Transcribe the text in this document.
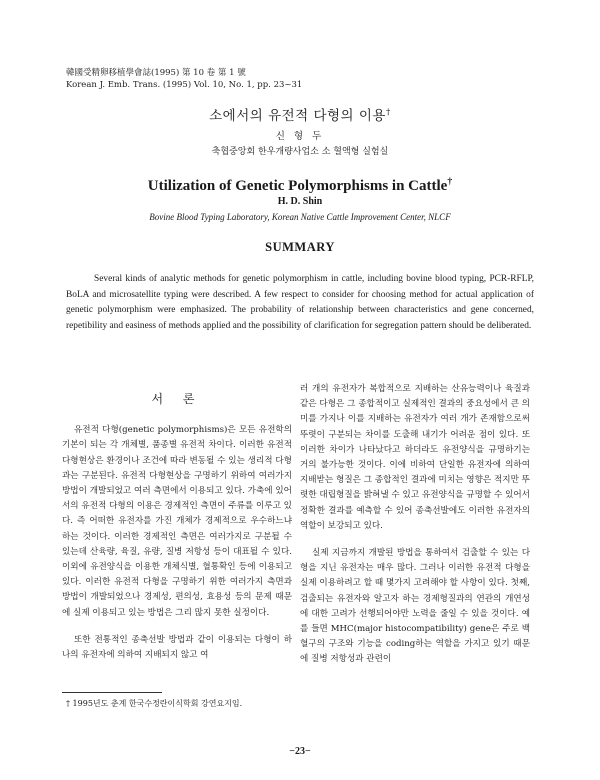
韓國受精卵移植學會誌(1995) 第 10 卷 第 1 號
Korean J. Emb. Trans. (1995) Vol. 10, No. 1, pp. 23~31
소에서의 유전적 다형의 이용†
신 형 두
축협중앙회 한우개량사업소 소 혈액형 실험실
Utilization of Genetic Polymorphisms in Cattle†
H. D. Shin
Bovine Blood Typing Laboratory, Korean Native Cattle Improvement Center, NLCF
SUMMARY
Several kinds of analytic methods for genetic polymorphism in cattle, including bovine blood typing, PCR-RFLP, BoLA and microsatellite typing were described. A few respect to consider for choosing method for actual application of genetic polymorphism were emphasized. The probability of relationship between characteristics and gene concerned, repetibility and easiness of methods applied and the possibility of clarification for segregation pattern should be deliberated.
서 론

유전적 다형(genetic polymorphisms)은 모든 유전학의 기본이 되는 각 개체별, 품종별 유전적 차이다. 이러한 유전적 다형현상은 환경이나 조건에 따라 변동될 수 있는 생리적 다형과는 구분된다. 유전적 다형현상을 구명하기 위하여 여러가지 방법이 개발되었고 여러 측면에서 이용되고 있다. 가축에 있어서의 유전적 다형의 이용은 경제적인 측면이 주류를 이루고 있다. 즉 어떠한 유전자를 가진 개체가 경제적으로 우수하느냐 하는 것이다. 이러한 경제적인 측면은 여러가지로 구분될 수 있는데 산육량, 육질, 유량, 질병 저항성 등이 대표될 수 있다. 이외에 유전양식을 이용한 개체식별, 혈통확인 등에 이용되고 있다. 이러한 유전적 다형을 구명하기 위한 여러가지 측면과 방법이 개발되었으나 경제성, 편의성, 효용성 등의 문제 때문에 실제 이용되고 있는 방법은 그리 많지 못한 실정이다.

또한 전통적인 종축선발 방법과 같이 이용되는 다형이 하나의 유전자에 의하여 지배되지 않고 여

러 개의 유전자가 복합적으로 지배하는 산유능력이나 육질과 같은 다형은 그 종합적이고 실제적인 결과의 중요성에서 큰 의미를 가지나 이를 지배하는 유전자가 여러 개가 존재함으로써 뚜렷이 구분되는 차이를 도출해 내기가 어려운 점이 있다. 또 이러한 차이가 나타났다고 하더라도 유전양식을 규명하기는 거의 불가능한 것이다. 이에 비하여 단일한 유전자에 의하여 지배받는 형질은 그 종합적인 결과에 미치는 영향은 적지만 뚜렷한 대립형질을 밝혀낼 수 있고 유전양식을 규명할 수 있어서 정확한 결과를 예측할 수 있어 종축선발에도 이러한 유전자의 역할이 보강되고 있다.

실제 지금까지 개발된 방법을 통하여서 검출할 수 있는 다형을 지닌 유전자는 매우 많다. 그러나 이러한 유전적 다형을 실제 이용하려고 할 때 몇가지 고려해야 할 사항이 있다. 첫째, 검출되는 유전자와 알고자 하는 경제형질과의 연관의 개연성에 대한 고려가 선행되어야만 노력을 줄일 수 있을 것이다. 예를 들면 MHC(major histocompatibility) gene은 주로 백혈구의 구조와 기능을 coding하는 역할을 가지고 있기 때문에 질병 저항성과 관련이

† 1995년도 춘계 한국수정란이식학회 강연요지임.
−23−
